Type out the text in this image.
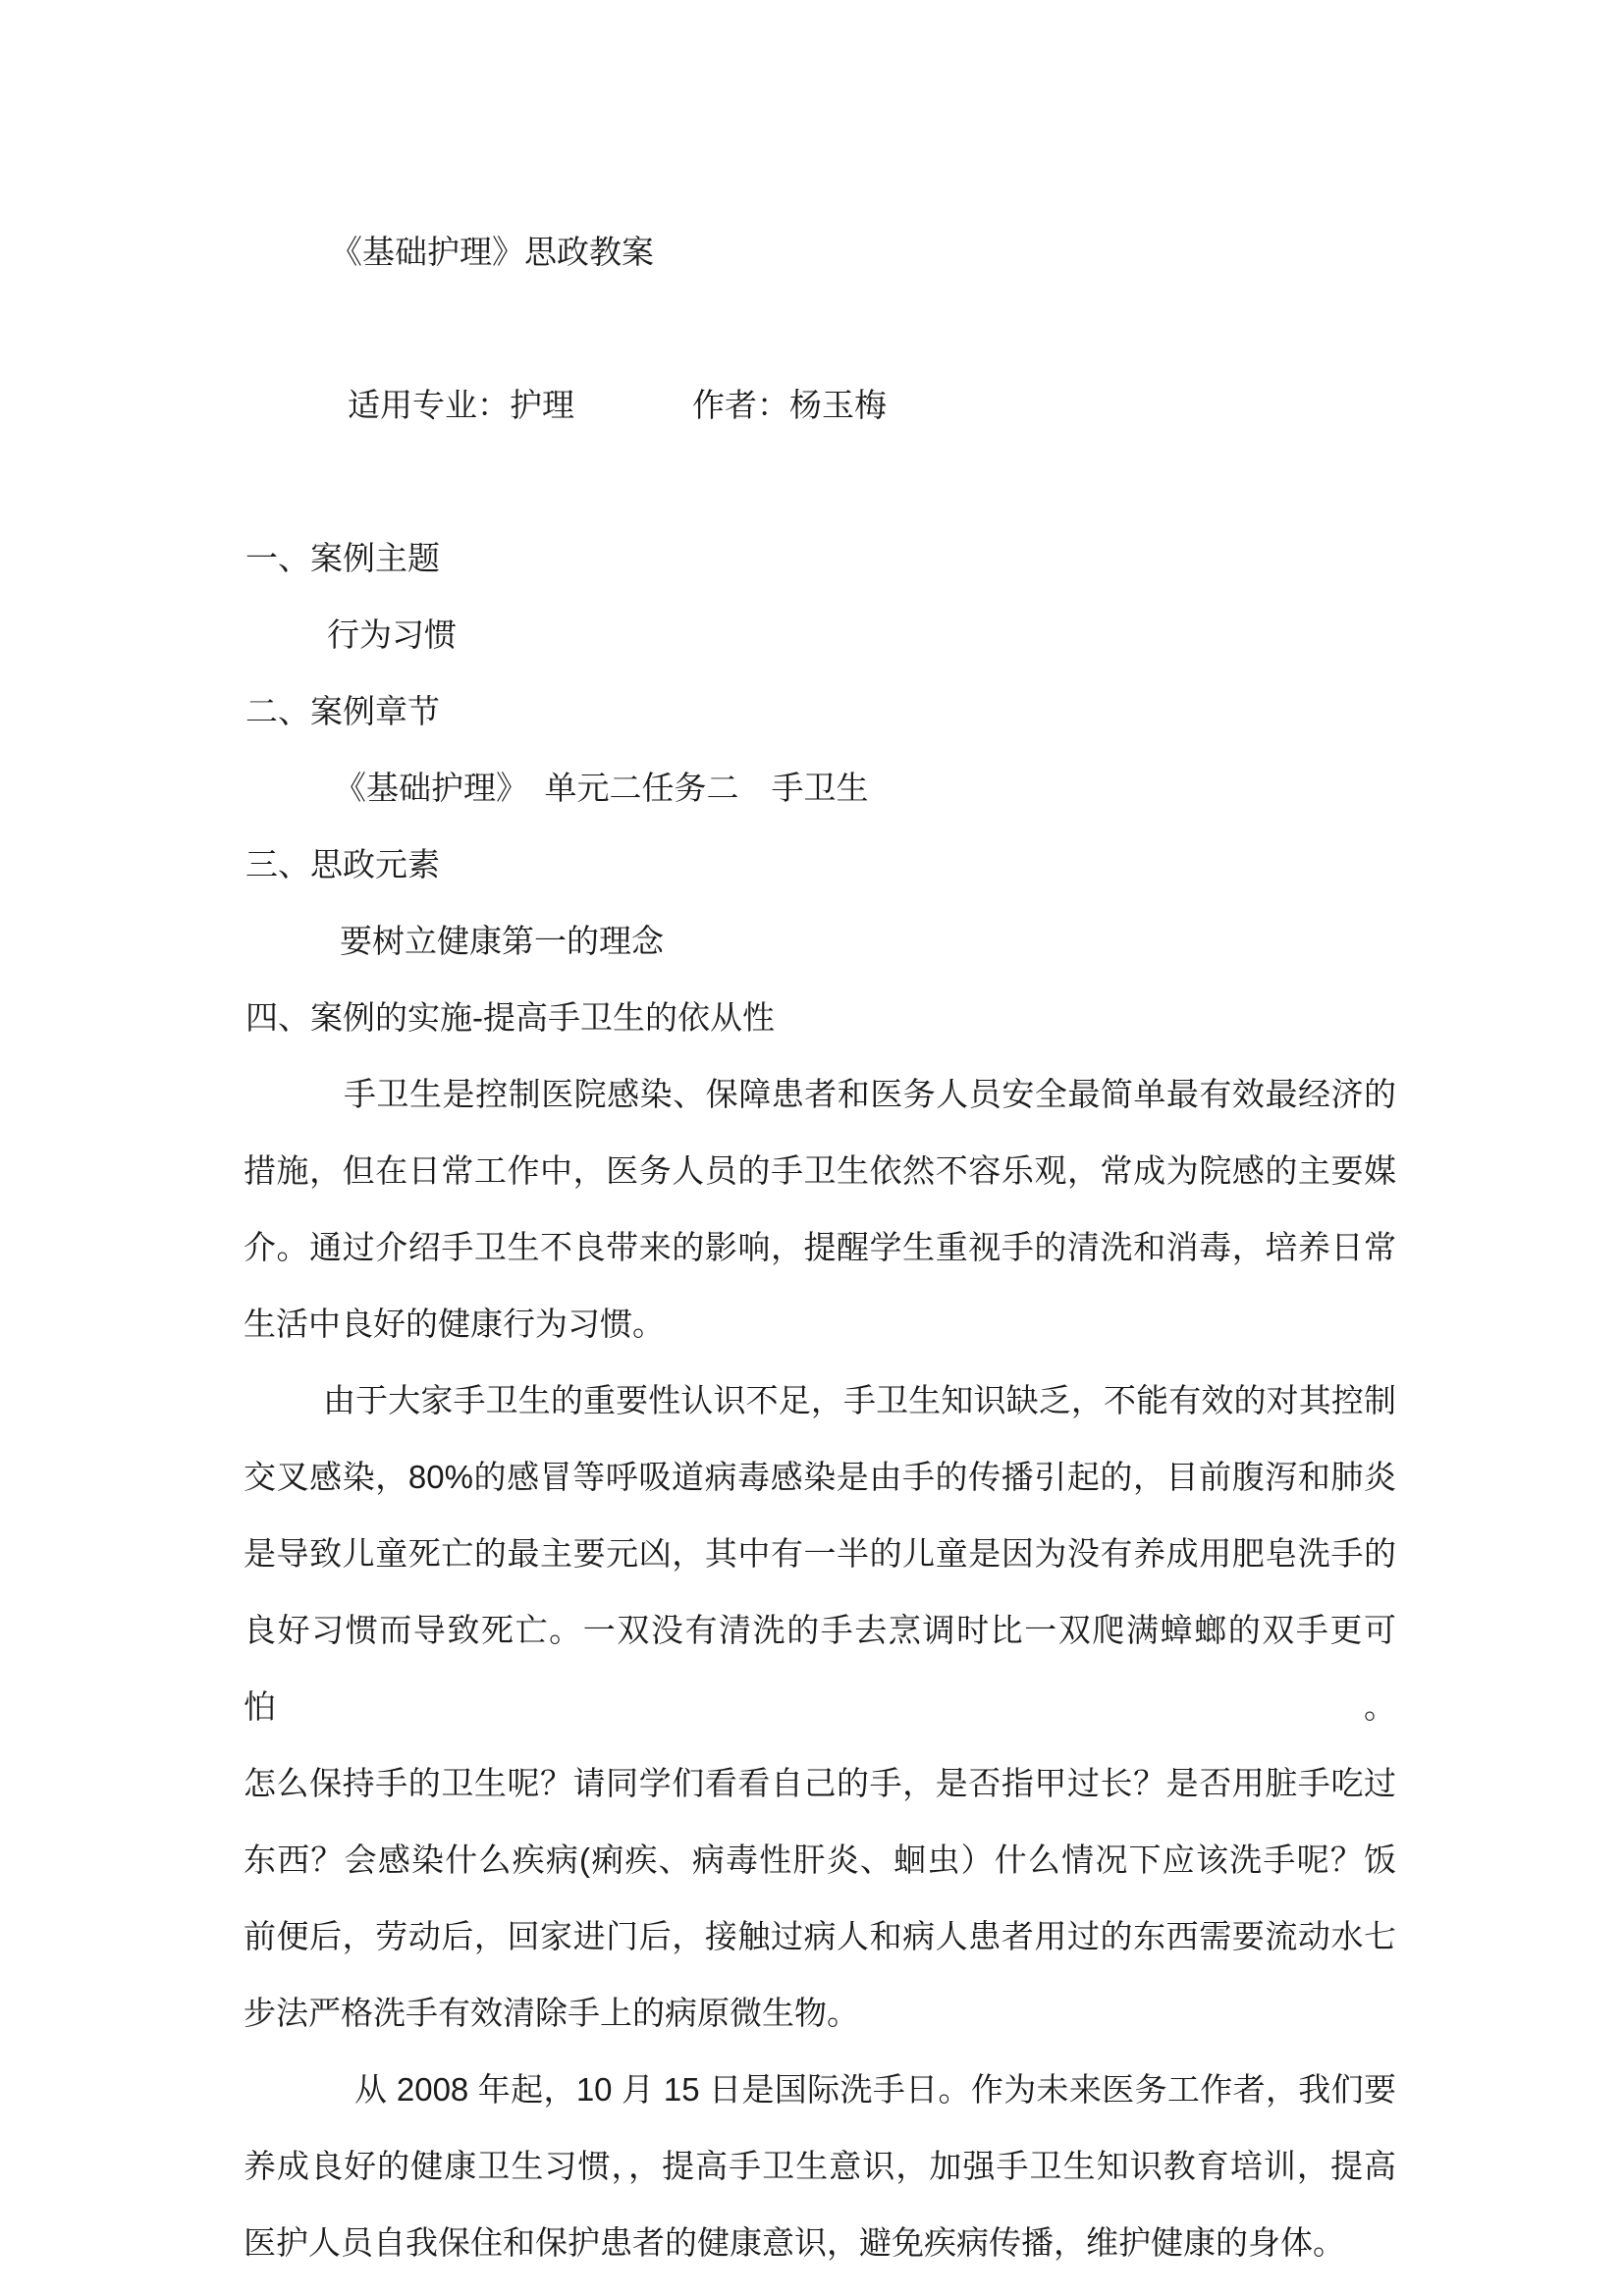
《基础护理》思政教案

适用专业：护理	作者：杨玉梅

一、案例主题
行为习惯
二、案例章节
《基础护理》　单元二任务二　手卫生
三、思政元素
要树立健康第一的理念
四、案例的实施-提高手卫生的依从性
手卫生是控制医院感染、保障患者和医务人员安全最简单最有效最经济的
措施，但在日常工作中，医务人员的手卫生依然不容乐观，常成为院感的主要媒
介。通过介绍手卫生不良带来的影响，提醒学生重视手的清洗和消毒，培养日常
生活中良好的健康行为习惯。
由于大家手卫生的重要性认识不足，手卫生知识缺乏，不能有效的对其控制
交叉感染，80%的感冒等呼吸道病毒感染是由手的传播引起的，目前腹泻和肺炎
是导致儿童死亡的最主要元凶，其中有一半的儿童是因为没有养成用肥皂洗手的
良好习惯而导致死亡。一双没有清洗的手去烹调时比一双爬满蟑螂的双手更可怕。
怎么保持手的卫生呢？请同学们看看自己的手，是否指甲过长？是否用脏手吃过
东西？会感染什么疾病(痢疾、病毒性肝炎、蛔虫）什么情况下应该洗手呢？饭
前便后，劳动后，回家进门后，接触过病人和病人患者用过的东西需要流动水七
步法严格洗手有效清除手上的病原微生物。
从 2008 年起，10 月 15 日是国际洗手日。作为未来医务工作者，我们要
养成良好的健康卫生习惯，，提高手卫生意识，加强手卫生知识教育培训，提高
医护人员自我保住和保护患者的健康意识，避免疾病传播，维护健康的身体。
